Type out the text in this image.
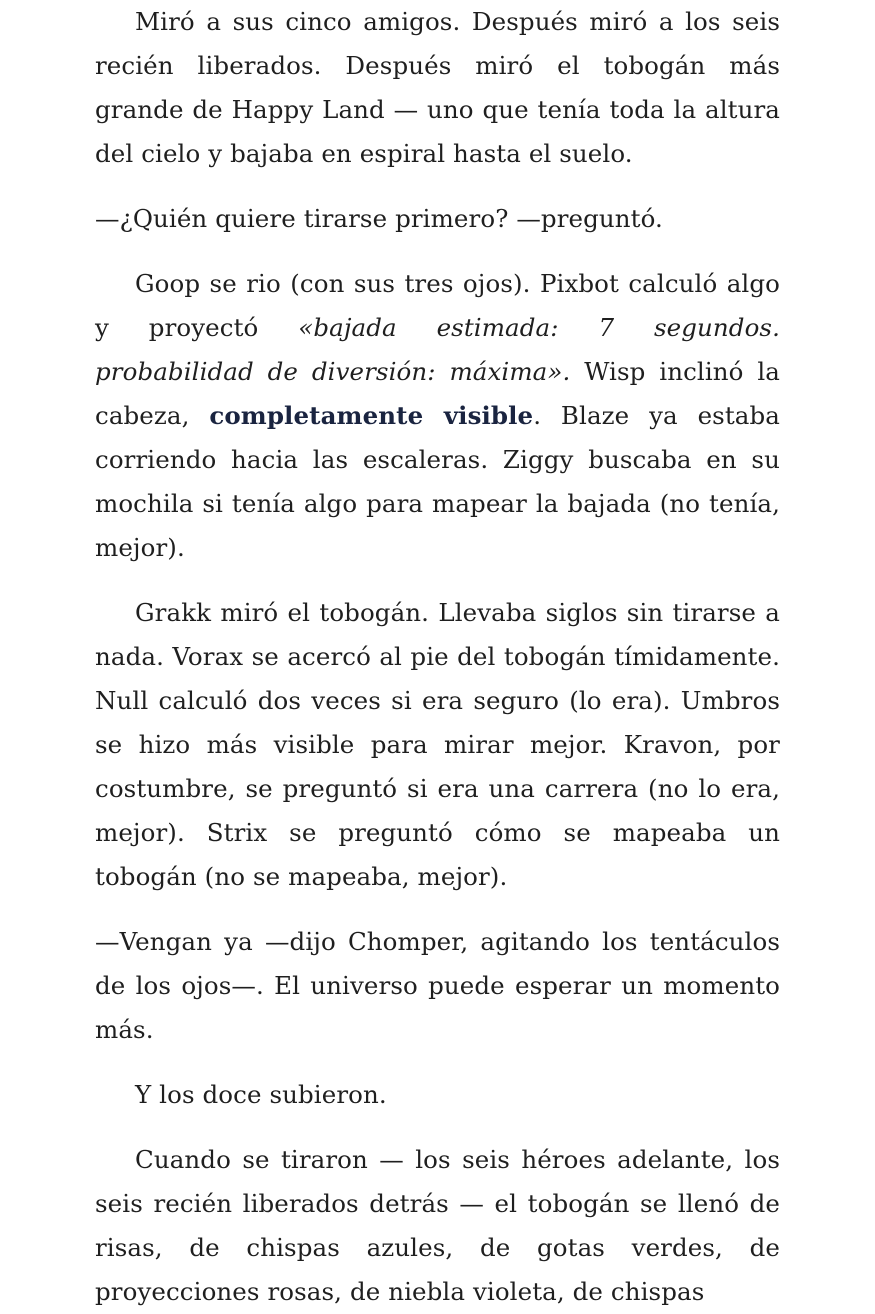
Miró a sus cinco amigos. Después miró a los seis recién liberados. Después miró el tobogán más grande de Happy Land — uno que tenía toda la altura del cielo y bajaba en espiral hasta el suelo.

—¿Quién quiere tirarse primero? —preguntó.

Goop se rio (con sus tres ojos). Pixbot calculó algo y proyectó «bajada estimada: 7 segundos. probabilidad de diversión: máxima». Wisp inclinó la cabeza, completamente visible. Blaze ya estaba corriendo hacia las escaleras. Ziggy buscaba en su mochila si tenía algo para mapear la bajada (no tenía, mejor).

Grakk miró el tobogán. Llevaba siglos sin tirarse a nada. Vorax se acercó al pie del tobogán tímidamente. Null calculó dos veces si era seguro (lo era). Umbros se hizo más visible para mirar mejor. Kravon, por costumbre, se preguntó si era una carrera (no lo era, mejor). Strix se preguntó cómo se mapeaba un tobogán (no se mapeaba, mejor).

—Vengan ya —dijo Chomper, agitando los tentáculos de los ojos—. El universo puede esperar un momento más.

Y los doce subieron.

Cuando se tiraron — los seis héroes adelante, los seis recién liberados detrás — el tobogán se llenó de risas, de chispas azules, de gotas verdes, de proyecciones rosas, de niebla violeta, de chispas
